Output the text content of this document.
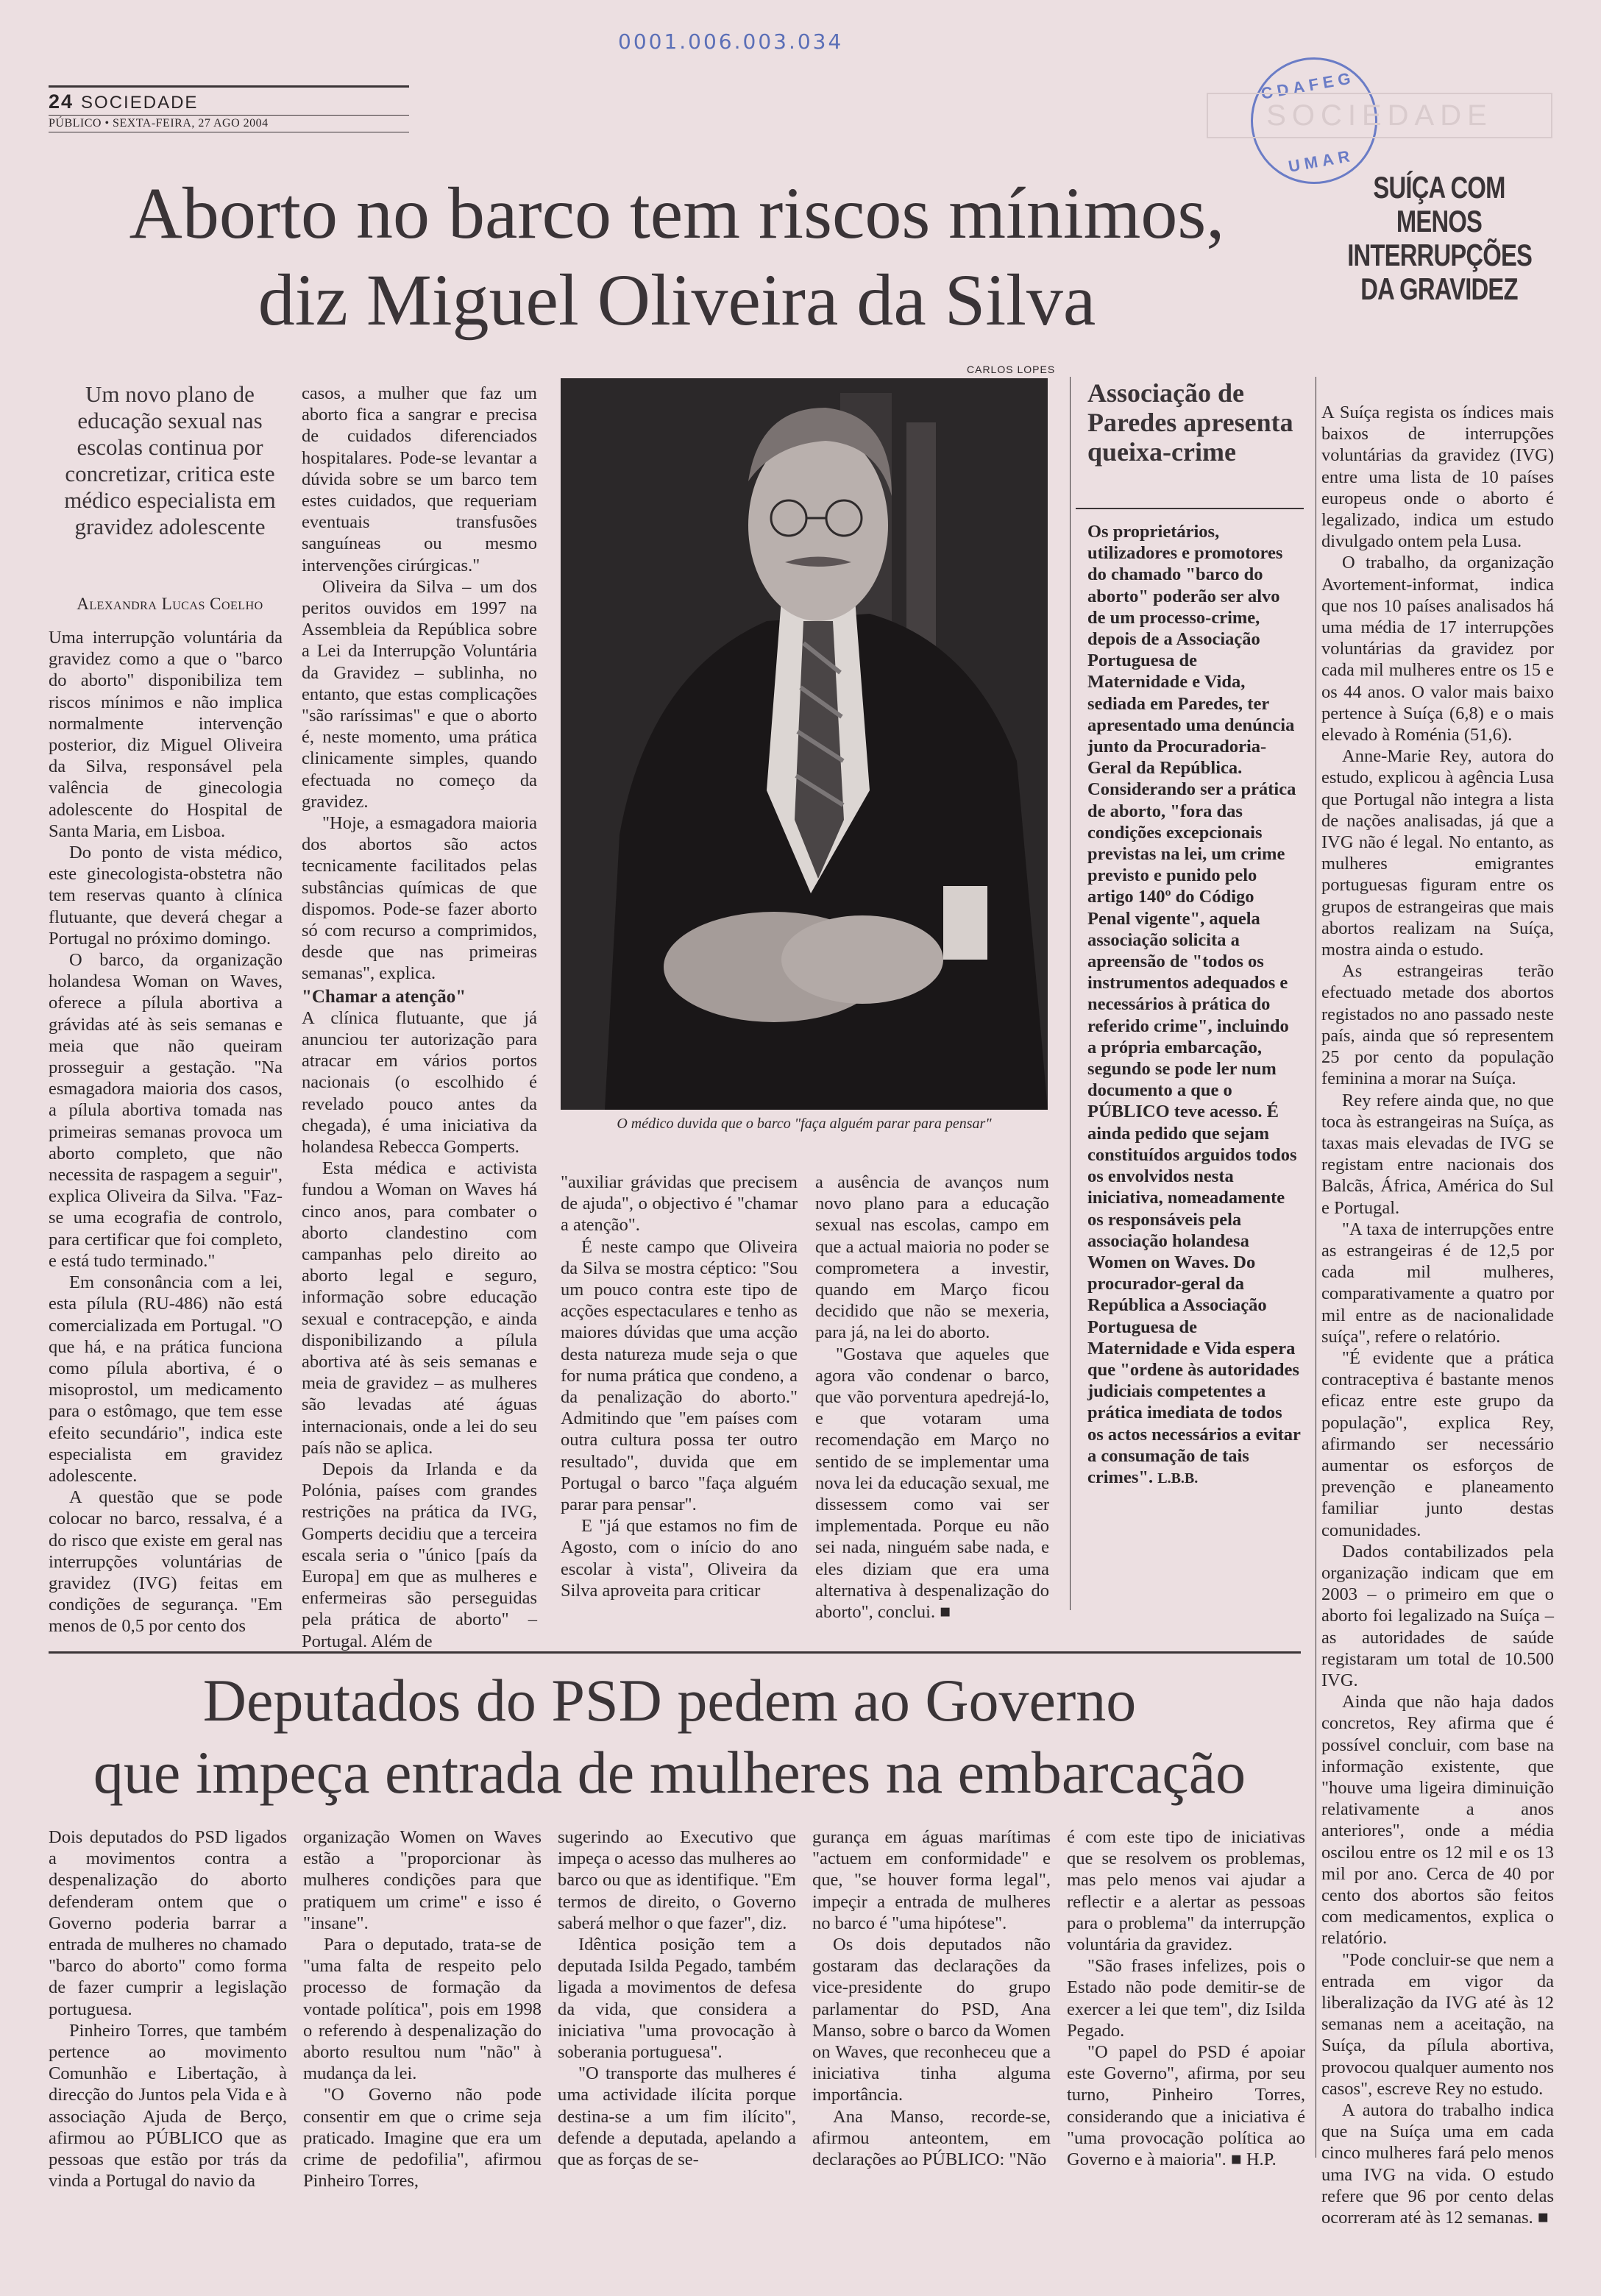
0001.006.003.034
CDAFEG
UMAR
24 SOCIEDADE
PÚBLICO • SEXTA-FEIRA, 27 AGO 2004	SOCIEDADE
Aborto no barco tem riscos mínimos,
diz Miguel Oliveira da Silva
Um novo plano de educação sexual nas escolas continua por concretizar, critica este médico especialista em gravidez adolescente
Alexandra Lucas Coelho

Uma interrupção voluntária da gravidez como a que o "barco do aborto" disponibiliza tem riscos mínimos e não implica normalmente intervenção posterior, diz Miguel Oliveira da Silva, responsável pela valência de ginecologia adolescente do Hospital de Santa Maria, em Lisboa.

Do ponto de vista médico, este ginecologista-obstetra não tem reservas quanto à clínica flutuante, que deverá chegar a Portugal no próximo domingo.

O barco, da organização holandesa Woman on Waves, oferece a pílula abortiva a grávidas até às seis semanas e meia que não queiram prosseguir a gestação. "Na esmagadora maioria dos casos, a pílula abortiva tomada nas primeiras semanas provoca um aborto completo, que não necessita de raspagem a seguir", explica Oliveira da Silva. "Faz-se uma ecografia de controlo, para certificar que foi completo, e está tudo terminado."

Em consonância com a lei, esta pílula (RU-486) não está comercializada em Portugal. "O que há, e na prática funciona como pílula abortiva, é o misoprostol, um medicamento para o estômago, que tem esse efeito secundário", indica este especialista em gravidez adolescente.

A questão que se pode colocar no barco, ressalva, é a do risco que existe em geral nas interrupções voluntárias de gravidez (IVG) feitas em condições de segurança. "Em menos de 0,5 por cento dos

casos, a mulher que faz um aborto fica a sangrar e precisa de cuidados diferenciados hospitalares. Pode-se levantar a dúvida sobre se um barco tem estes cuidados, que requeriam eventuais transfusões sanguíneas ou mesmo intervenções cirúrgicas."

Oliveira da Silva – um dos peritos ouvidos em 1997 na Assembleia da República sobre a Lei da Interrupção Voluntária da Gravidez – sublinha, no entanto, que estas complicações "são raríssimas" e que o aborto é, neste momento, uma prática clinicamente simples, quando efectuada no começo da gravidez.

"Hoje, a esmagadora maioria dos abortos são actos tecnicamente facilitados pelas substâncias químicas de que dispomos. Pode-se fazer aborto só com recurso a comprimidos, desde que nas primeiras semanas", explica.

"Chamar a atenção"

A clínica flutuante, que já anunciou ter autorização para atracar em vários portos nacionais (o escolhido é revelado pouco antes da chegada), é uma iniciativa da holandesa Rebecca Gomperts.

Esta médica e activista fundou a Woman on Waves há cinco anos, para combater o aborto clandestino com campanhas pelo direito ao aborto legal e seguro, informação sobre educação sexual e contracepção, e ainda disponibilizando a pílula abortiva até às seis semanas e meia de gravidez – as mulheres são levadas até águas internacionais, onde a lei do seu país não se aplica.

Depois da Irlanda e da Polónia, países com grandes restrições na prática da IVG, Gomperts decidiu que a terceira escala seria o "único [país da Europa] em que as mulheres e enfermeiras são perseguidas pela prática de aborto" – Portugal. Além de

CARLOS LOPES
O médico duvida que o barco "faça alguém parar para pensar"

"auxiliar grávidas que precisem de ajuda", o objectivo é "chamar a atenção".

É neste campo que Oliveira da Silva se mostra céptico: "Sou um pouco contra este tipo de acções espectaculares e tenho as maiores dúvidas que uma acção desta natureza mude seja o que for numa prática que condeno, a da penalização do aborto." Admitindo que "em países com outra cultura possa ter outro resultado", duvida que em Portugal o barco "faça alguém parar para pensar".

E "já que estamos no fim de Agosto, com o início do ano escolar à vista", Oliveira da Silva aproveita para criticar

a ausência de avanços num novo plano para a educação sexual nas escolas, campo em que a actual maioria no poder se comprometera a investir, quando em Março ficou decidido que não se mexeria, para já, na lei do aborto.

"Gostava que aqueles que agora vão condenar o barco, que vão porventura apedrejá-lo, e que votaram uma recomendação em Março no sentido de se implementar uma nova lei da educação sexual, me dissessem como vai ser implementada. Porque eu não sei nada, ninguém sabe nada, e eles diziam que era uma alternativa à despenalização do aborto", conclui. ■

Associação de Paredes apresenta queixa-crime
Os proprietários, utilizadores e promotores do chamado "barco do aborto" poderão ser alvo de um processo-crime, depois de a Associação Portuguesa de Maternidade e Vida, sediada em Paredes, ter apresentado uma denúncia junto da Procuradoria-Geral da República. Considerando ser a prática de aborto, "fora das condições excepcionais previstas na lei, um crime previsto e punido pelo artigo 140º do Código Penal vigente", aquela associação solicita a apreensão de "todos os instrumentos adequados e necessários à prática do referido crime", incluindo a própria embarcação, segundo se pode ler num documento a que o PÚBLICO teve acesso. É ainda pedido que sejam constituídos arguidos todos os envolvidos nesta iniciativa, nomeadamente os responsáveis pela associação holandesa Women on Waves. Do procurador-geral da República a Associação Portuguesa de Maternidade e Vida espera que "ordene às autoridades judiciais competentes a prática imediata de todos os actos necessários a evitar a consumação de tais crimes". L.B.B.
SUÍÇA COM MENOS INTERRUPÇÕES DA GRAVIDEZ

A Suíça regista os índices mais baixos de interrupções voluntárias da gravidez (IVG) entre uma lista de 10 países europeus onde o aborto é legalizado, indica um estudo divulgado ontem pela Lusa.

O trabalho, da organização Avortement-informat, indica que nos 10 países analisados há uma média de 17 interrupções voluntárias da gravidez por cada mil mulheres entre os 15 e os 44 anos. O valor mais baixo pertence à Suíça (6,8) e o mais elevado à Roménia (51,6).

Anne-Marie Rey, autora do estudo, explicou à agência Lusa que Portugal não integra a lista de nações analisadas, já que a IVG não é legal. No entanto, as mulheres emigrantes portuguesas figuram entre os grupos de estrangeiras que mais abortos realizam na Suíça, mostra ainda o estudo.

As estrangeiras terão efectuado metade dos abortos registados no ano passado neste país, ainda que só representem 25 por cento da população feminina a morar na Suíça.

Rey refere ainda que, no que toca às estrangeiras na Suíça, as taxas mais elevadas de IVG se registam entre nacionais dos Balcãs, África, América do Sul e Portugal.

"A taxa de interrupções entre as estrangeiras é de 12,5 por cada mil mulheres, comparativamente a quatro por mil entre as de nacionalidade suíça", refere o relatório.

"É evidente que a prática contraceptiva é bastante menos eficaz entre este grupo da população", explica Rey, afirmando ser necessário aumentar os esforços de prevenção e planeamento familiar junto destas comunidades.

Dados contabilizados pela organização indicam que em 2003 – o primeiro em que o aborto foi legalizado na Suíça – as autoridades de saúde registaram um total de 10.500 IVG.

Ainda que não haja dados concretos, Rey afirma que é possível concluir, com base na informação existente, que "houve uma ligeira diminuição relativamente a anos anteriores", onde a média oscilou entre os 12 mil e os 13 mil por ano. Cerca de 40 por cento dos abortos são feitos com medicamentos, explica o relatório.

"Pode concluir-se que nem a entrada em vigor da liberalização da IVG até às 12 semanas nem a aceitação, na Suíça, da pílula abortiva, provocou qualquer aumento nos casos", escreve Rey no estudo.

A autora do trabalho indica que na Suíça uma em cada cinco mulheres fará pelo menos uma IVG na vida. O estudo refere que 96 por cento delas ocorreram até às 12 semanas. ■

Deputados do PSD pedem ao Governo
que impeça entrada de mulheres na embarcação

Dois deputados do PSD ligados a movimentos contra a despenalização do aborto defenderam ontem que o Governo poderia barrar a entrada de mulheres no chamado "barco do aborto" como forma de fazer cumprir a legislação portuguesa.

Pinheiro Torres, que também pertence ao movimento Comunhão e Libertação, à direcção do Juntos pela Vida e à associação Ajuda de Berço, afirmou ao PÚBLICO que as pessoas que estão por trás da vinda a Portugal do navio da

organização Women on Waves estão a "proporcionar às mulheres condições para que pratiquem um crime" e isso é "insane".

Para o deputado, trata-se de "uma falta de respeito pelo processo de formação da vontade política", pois em 1998 o referendo à despenalização do aborto resultou num "não" à mudança da lei.

"O Governo não pode consentir em que o crime seja praticado. Imagine que era um crime de pedofilia", afirmou Pinheiro Torres,

sugerindo ao Executivo que impeça o acesso das mulheres ao barco ou que as identifique. "Em termos de direito, o Governo saberá melhor o que fazer", diz.

Idêntica posição tem a deputada Isilda Pegado, também ligada a movimentos de defesa da vida, que considera a iniciativa "uma provocação à soberania portuguesa".

"O transporte das mulheres é uma actividade ilícita porque destina-se a um fim ilícito", defende a deputada, apelando a que as forças de se-

gurança em águas marítimas "actuem em conformidade" e que, "se houver forma legal", impeçir a entrada de mulheres no barco é "uma hipótese".

Os dois deputados não gostaram das declarações da vice-presidente do grupo parlamentar do PSD, Ana Manso, sobre o barco da Women on Waves, que reconheceu que a iniciativa tinha alguma importância.

Ana Manso, recorde-se, afirmou anteontem, em declarações ao PÚBLICO: "Não

é com este tipo de iniciativas que se resolvem os problemas, mas pelo menos vai ajudar a reflectir e a alertar as pessoas para o problema" da interrupção voluntária da gravidez.

"São frases infelizes, pois o Estado não pode demitir-se de exercer a lei que tem", diz Isilda Pegado.

"O papel do PSD é apoiar este Governo", afirma, por seu turno, Pinheiro Torres, considerando que a iniciativa é "uma provocação política ao Governo e à maioria". ■ H.P.
